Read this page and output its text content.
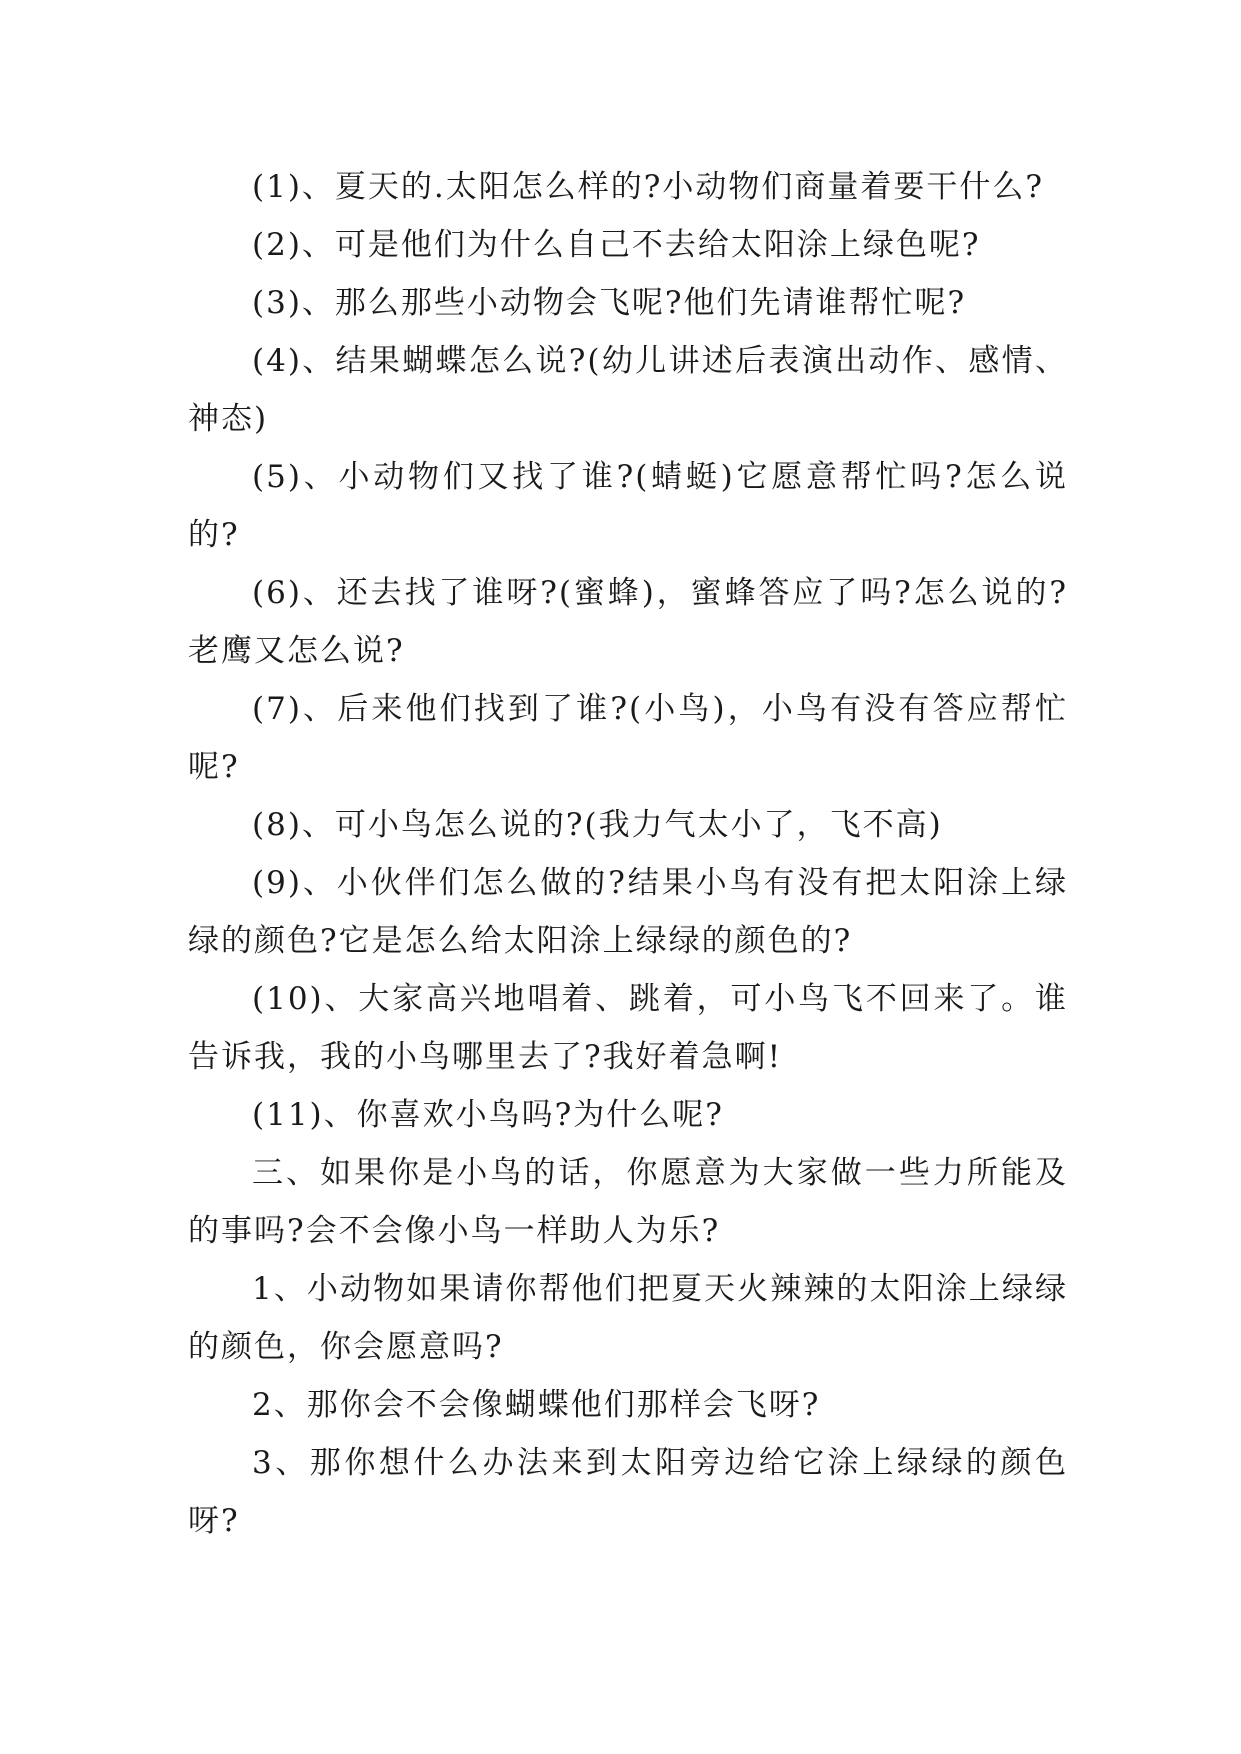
(1)、夏天的.太阳怎么样的?小动物们商量着要干什么?

(2)、可是他们为什么自己不去给太阳涂上绿色呢?

(3)、那么那些小动物会飞呢?他们先请谁帮忙呢?

(4)、结果蝴蝶怎么说?(幼儿讲述后表演出动作、感情、神态)

(5)、小动物们又找了谁?(蜻蜓)它愿意帮忙吗?怎么说的?

(6)、还去找了谁呀?(蜜蜂)，蜜蜂答应了吗?怎么说的?老鹰又怎么说?

(7)、后来他们找到了谁?(小鸟)，小鸟有没有答应帮忙呢?

(8)、可小鸟怎么说的?(我力气太小了，飞不高)

(9)、小伙伴们怎么做的?结果小鸟有没有把太阳涂上绿绿的颜色?它是怎么给太阳涂上绿绿的颜色的?

(10)、大家高兴地唱着、跳着，可小鸟飞不回来了。谁告诉我，我的小鸟哪里去了?我好着急啊!

(11)、你喜欢小鸟吗?为什么呢?

三、如果你是小鸟的话，你愿意为大家做一些力所能及的事吗?会不会像小鸟一样助人为乐?

1、小动物如果请你帮他们把夏天火辣辣的太阳涂上绿绿的颜色，你会愿意吗?

2、那你会不会像蝴蝶他们那样会飞呀?

3、那你想什么办法来到太阳旁边给它涂上绿绿的颜色呀?
